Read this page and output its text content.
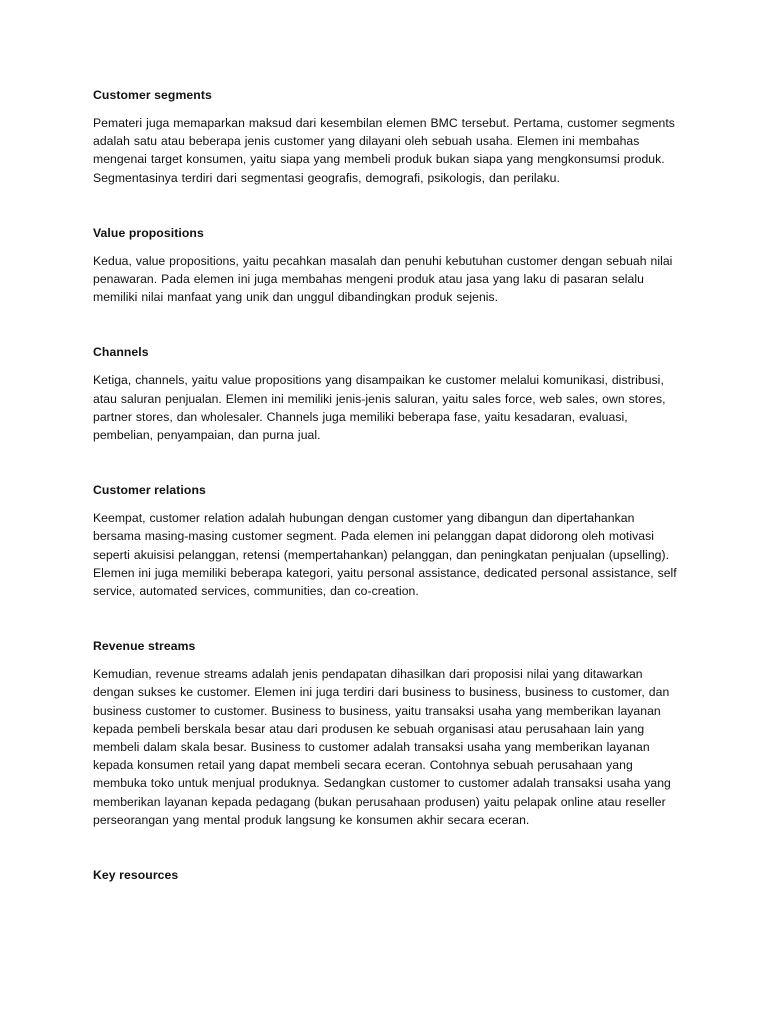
Customer segments

Pemateri juga memaparkan maksud dari kesembilan elemen BMC tersebut. Pertama, customer segments adalah satu atau beberapa jenis customer yang dilayani oleh sebuah usaha. Elemen ini membahas mengenai target konsumen, yaitu siapa yang membeli produk bukan siapa yang mengkonsumsi produk. Segmentasinya terdiri dari segmentasi geografis, demografi, psikologis, dan perilaku.

Value propositions

Kedua, value propositions, yaitu pecahkan masalah dan penuhi kebutuhan customer dengan sebuah nilai penawaran. Pada elemen ini juga membahas mengeni produk atau jasa yang laku di pasaran selalu memiliki nilai manfaat yang unik dan unggul dibandingkan produk sejenis.

Channels

Ketiga, channels, yaitu value propositions yang disampaikan ke customer melalui komunikasi, distribusi, atau saluran penjualan. Elemen ini memiliki jenis-jenis saluran, yaitu sales force, web sales, own stores, partner stores, dan wholesaler. Channels juga memiliki beberapa fase, yaitu kesadaran, evaluasi, pembelian, penyampaian, dan purna jual.

Customer relations

Keempat, customer relation adalah hubungan dengan customer yang dibangun dan dipertahankan bersama masing-masing customer segment. Pada elemen ini pelanggan dapat didorong oleh motivasi seperti akuisisi pelanggan, retensi (mempertahankan) pelanggan, dan peningkatan penjualan (upselling). Elemen ini juga memiliki beberapa kategori, yaitu personal assistance, dedicated personal assistance, self service, automated services, communities, dan co-creation.

Revenue streams

Kemudian, revenue streams adalah jenis pendapatan dihasilkan dari proposisi nilai yang ditawarkan dengan sukses ke customer. Elemen ini juga terdiri dari business to business, business to customer, dan business customer to customer. Business to business, yaitu transaksi usaha yang memberikan layanan kepada pembeli berskala besar atau dari produsen ke sebuah organisasi atau perusahaan lain yang membeli dalam skala besar. Business to customer adalah transaksi usaha yang memberikan layanan kepada konsumen retail yang dapat membeli secara eceran. Contohnya sebuah perusahaan yang membuka toko untuk menjual produknya. Sedangkan customer to customer adalah transaksi usaha yang memberikan layanan kepada pedagang (bukan perusahaan produsen) yaitu pelapak online atau reseller perseorangan yang mental produk langsung ke konsumen akhir secara eceran.

Key resources
